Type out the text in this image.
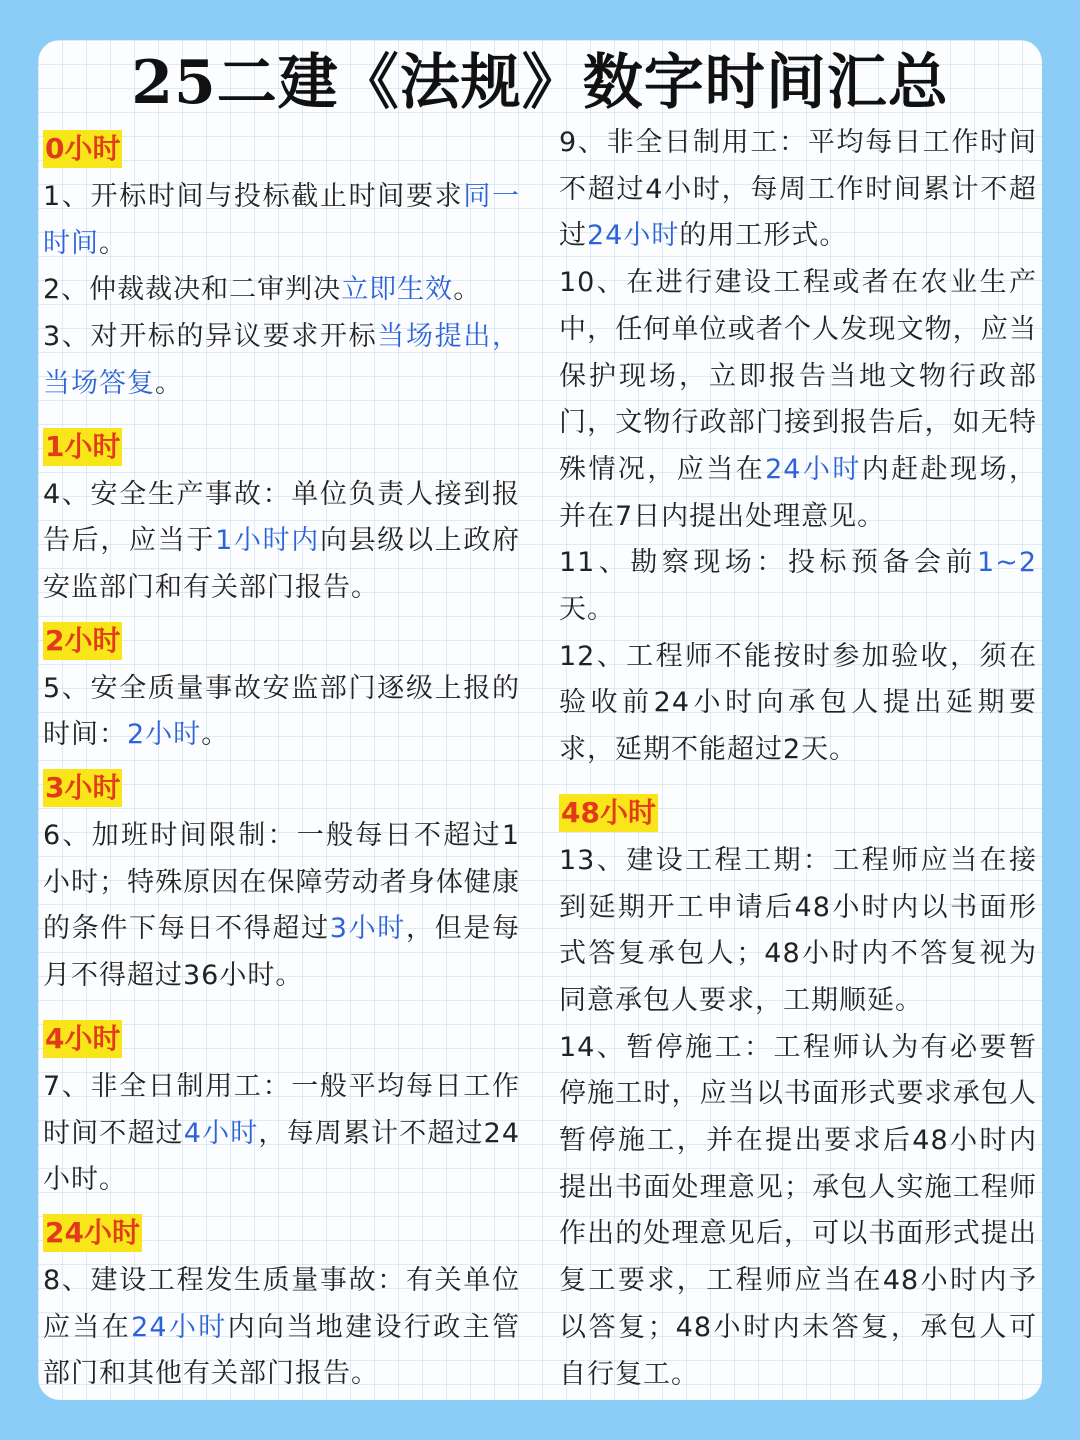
25二建《法规》数字时间汇总
0小时

1、开标时间与投标截止时间要求同一时间。

2、仲裁裁决和二审判决立即生效。

3、对开标的异议要求开标当场提出，当场答复。

1小时

4、安全生产事故：单位负责人接到报告后，应当于1小时内向县级以上政府安监部门和有关部门报告。

2小时

5、安全质量事故安监部门逐级上报的时间：2小时。

3小时

6、加班时间限制：一般每日不超过1小时；特殊原因在保障劳动者身体健康的条件下每日不得超过3小时，但是每月不得超过36小时。

4小时

7、非全日制用工：一般平均每日工作时间不超过4小时，每周累计不超过24小时。

24小时

8、建设工程发生质量事故：有关单位应当在24小时内向当地建设行政主管部门和其他有关部门报告。

9、非全日制用工：平均每日工作时间不超过4小时，每周工作时间累计不超过24小时的用工形式。

10、在进行建设工程或者在农业生产中，任何单位或者个人发现文物，应当保护现场，立即报告当地文物行政部门，文物行政部门接到报告后，如无特殊情况，应当在24小时内赶赴现场，并在7日内提出处理意见。

11、勘察现场：投标预备会前1~2天。

12、工程师不能按时参加验收，须在验收前24小时向承包人提出延期要求，延期不能超过2天。

48小时

13、建设工程工期：工程师应当在接到延期开工申请后48小时内以书面形式答复承包人；48小时内不答复视为同意承包人要求，工期顺延。

14、暂停施工：工程师认为有必要暂停施工时，应当以书面形式要求承包人暂停施工，并在提出要求后48小时内提出书面处理意见；承包人实施工程师作出的处理意见后，可以书面形式提出复工要求，工程师应当在48小时内予以答复；48小时内未答复，承包人可自行复工。
